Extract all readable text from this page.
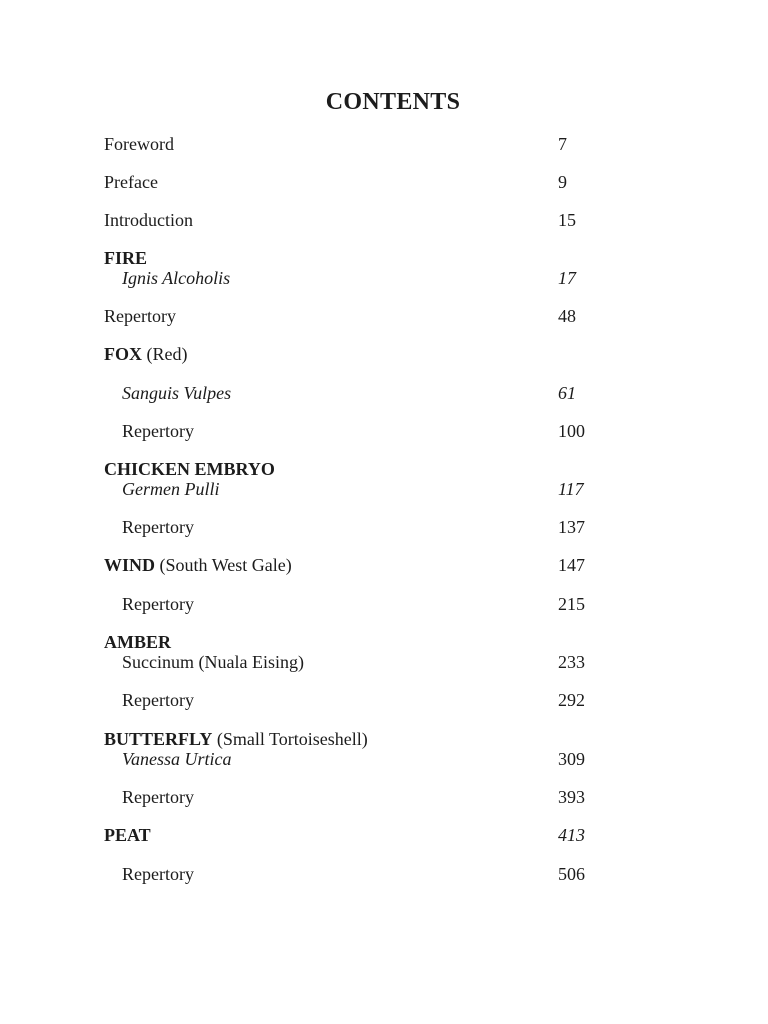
CONTENTS
Foreword	7
Preface	9
Introduction	15
FIRE
Ignis Alcoholis	17
Repertory	48
FOX (Red)
Sanguis Vulpes	61
Repertory	100
CHICKEN EMBRYO
Germen Pulli	117
Repertory	137
WIND (South West Gale)	147
Repertory	215
AMBER
Succinum (Nuala Eising)	233
Repertory	292
BUTTERFLY (Small Tortoiseshell)
Vanessa Urtica	309
Repertory	393
PEAT	413
Repertory	506
